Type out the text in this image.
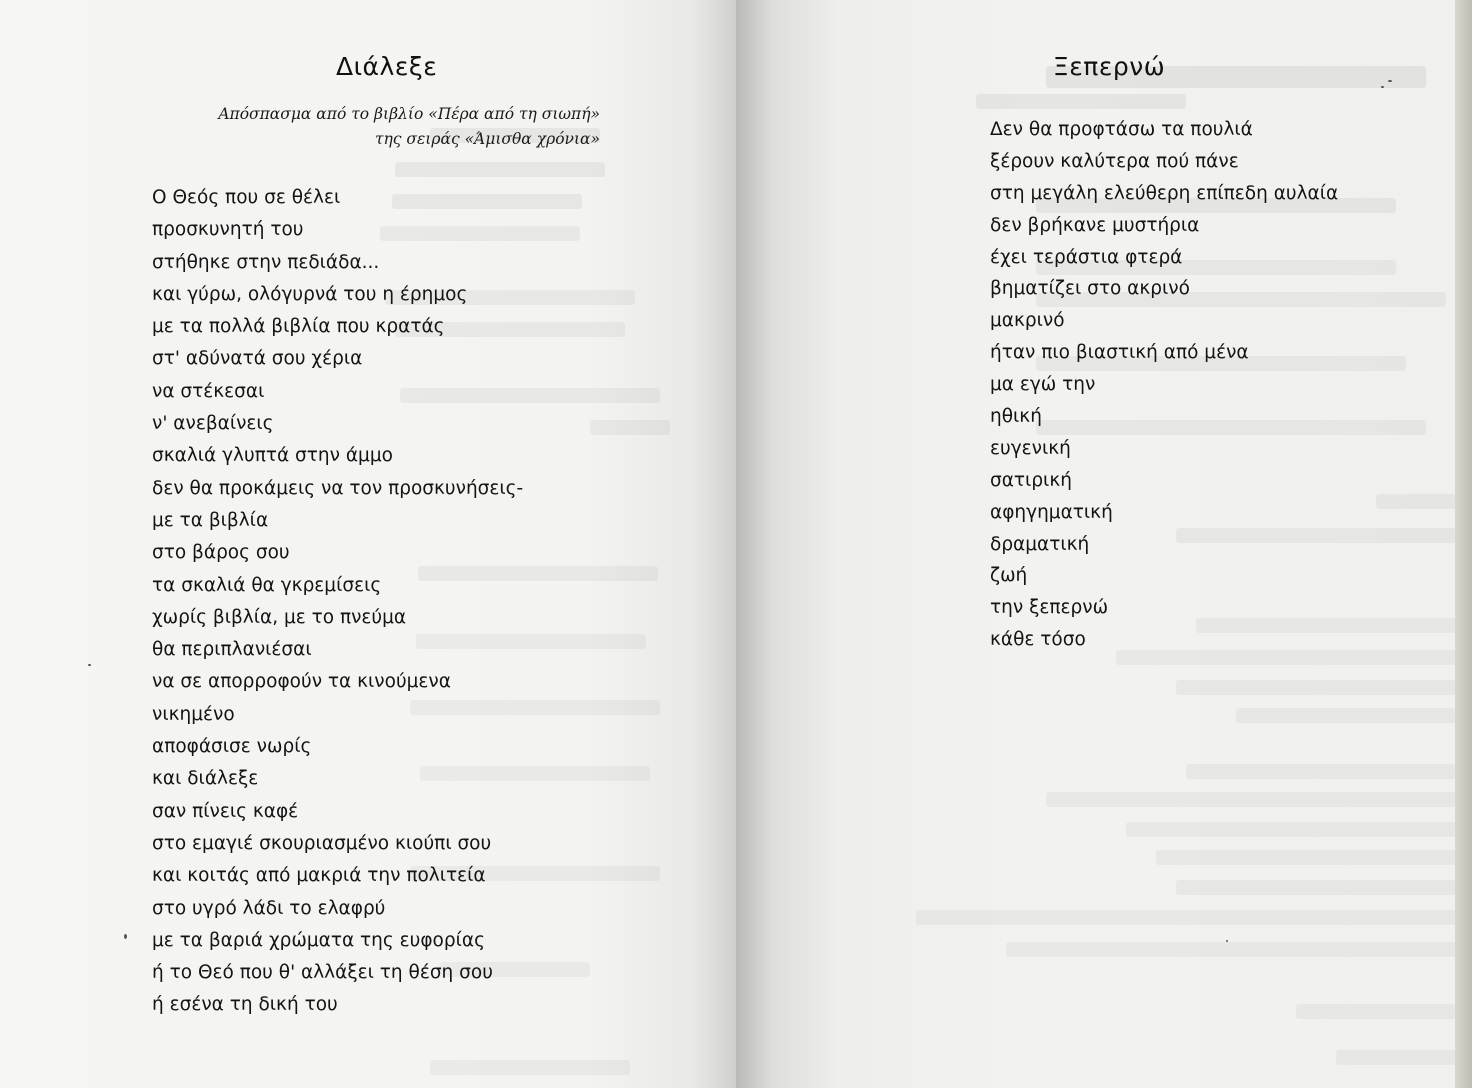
Διάλεξε
Απόσπασμα από το βιβλίο «Πέρα από τη σιωπή»
της σειράς «Άμισθα χρόνια»
Ο Θεός που σε θέλει
προσκυνητή του
στήθηκε στην πεδιάδα...
και γύρω, ολόγυρνά του η έρημος
με τα πολλά βιβλία που κρατάς
στ' αδύνατά σου χέρια
να στέκεσαι
ν' ανεβαίνεις
σκαλιά γλυπτά στην άμμο
δεν θα προκάμεις να τον προσκυνήσεις-
με τα βιβλία
στο βάρος σου
τα σκαλιά θα γκρεμίσεις
χωρίς βιβλία, με το πνεύμα
θα περιπλανιέσαι
να σε απορροφούν τα κινούμενα
νικημένο
αποφάσισε νωρίς
και διάλεξε
σαν πίνεις καφέ
στο εμαγιέ σκουριασμένο κιούπι σου
και κοιτάς από μακριά την πολιτεία
στο υγρό λάδι το ελαφρύ
με τα βαριά χρώματα της ευφορίας
ή το Θεό που θ' αλλάξει τη θέση σου
ή εσένα τη δική του
Ξεπερνώ
Δεν θα προφτάσω τα πουλιά
ξέρουν καλύτερα πού πάνε
στη μεγάλη ελεύθερη επίπεδη αυλαία
δεν βρήκανε μυστήρια
έχει τεράστια φτερά
βηματίζει στο ακρινό
μακρινό
ήταν πιο βιαστική από μένα
μα εγώ την
ηθική
ευγενική
σατιρική
αφηγηματική
δραματική
ζωή
την ξεπερνώ
κάθε τόσο
